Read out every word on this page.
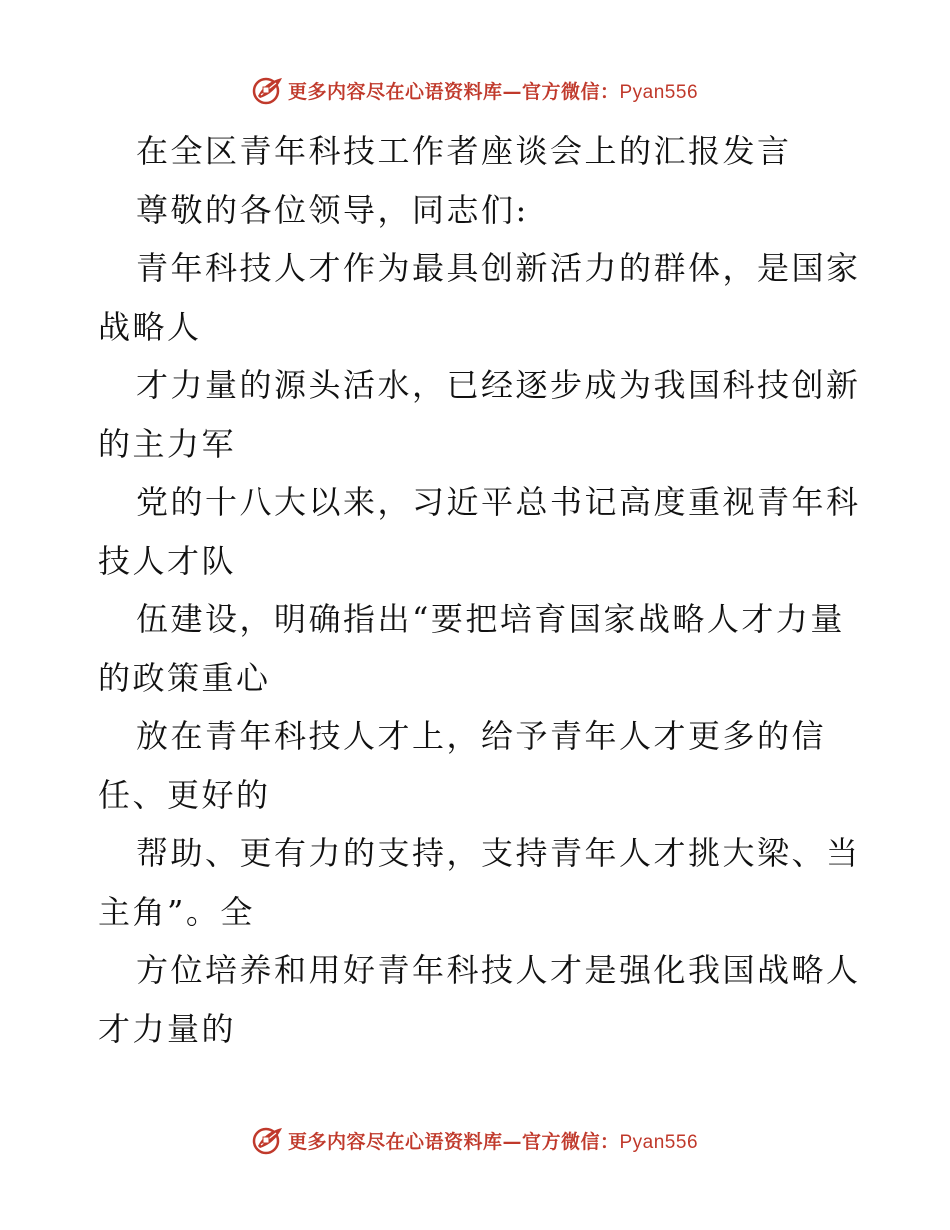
更多内容尽在心语资料库—官方微信：Pyan556
在全区青年科技工作者座谈会上的汇报发言
尊敬的各位领导，同志们:
青年科技人才作为最具创新活力的群体，是国家
战略人
才力量的源头活水，已经逐步成为我国科技创新
的主力军
党的十八大以来，习近平总书记高度重视青年科
技人才队
伍建设，明确指出“要把培育国家战略人才力量
的政策重心
放在青年科技人才上，给予青年人才更多的信
任、更好的
帮助、更有力的支持，支持青年人才挑大梁、当
主角”。全
方位培养和用好青年科技人才是强化我国战略人
才力量的
更多内容尽在心语资料库—官方微信：Pyan556
